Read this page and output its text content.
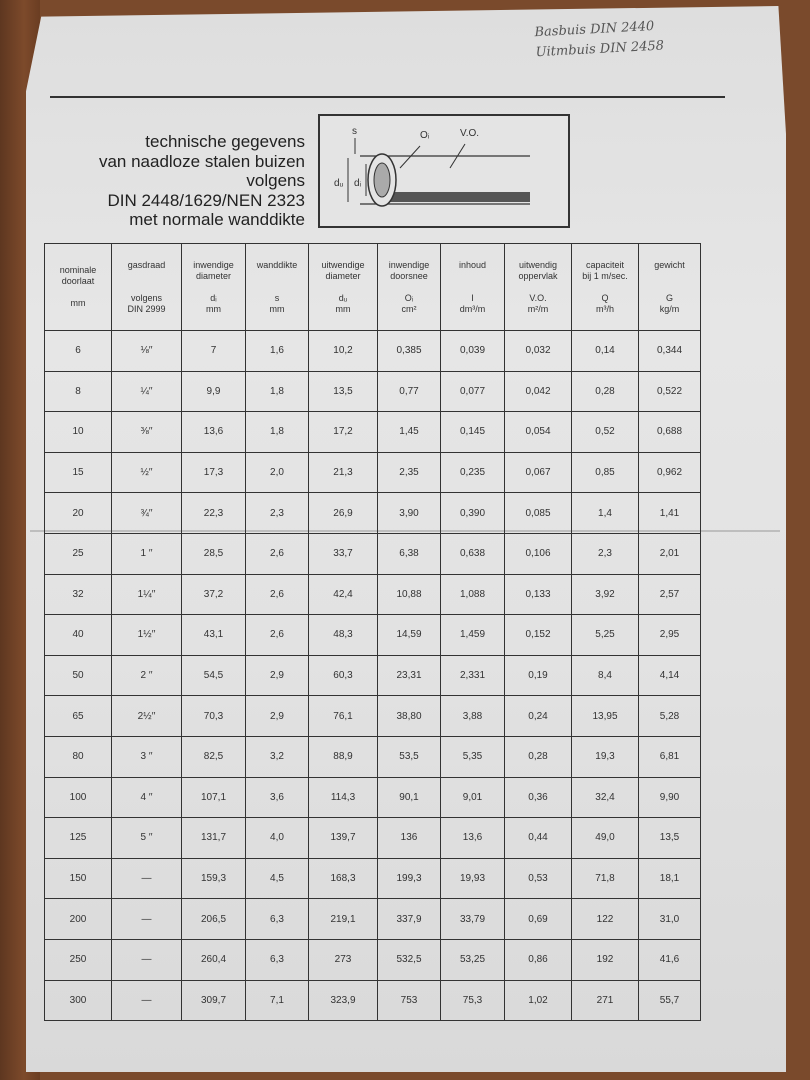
Basbuis DIN 2440
Uitmbuis DIN 2458
technische gegevens
van naadloze stalen buizen
volgens
DIN 2448/1629/NEN 2323
met normale wanddikte
s	Oᵢ	V.O.
dᵤ dᵢ
nominale
doorlaat
mm	gasdraad
volgens
DIN 2999	inwendige
diameter
dᵢ
mm	wanddikte
s
mm	uitwendige
diameter
dᵤ
mm	inwendige
doorsnee
Oᵢ
cm²	inhoud
I
dm³/m	uitwendig
oppervlak
V.O.
m²/m	capaciteit
bij 1 m/sec.
Q
m³/h	gewicht
G
kg/m

6	⅛′′	7	1,6	10,2	0,385	0,039	0,032	0,14	0,344
8	¼′′	9,9	1,8	13,5	0,77	0,077	0,042	0,28	0,522
10	⅜′′	13,6	1,8	17,2	1,45	0,145	0,054	0,52	0,688
15	½′′	17,3	2,0	21,3	2,35	0,235	0,067	0,85	0,962
20	¾′′	22,3	2,3	26,9	3,90	0,390	0,085	1,4	1,41
25	1 ′′	28,5	2,6	33,7	6,38	0,638	0,106	2,3	2,01
32	1¼′′	37,2	2,6	42,4	10,88	1,088	0,133	3,92	2,57
40	1½′′	43,1	2,6	48,3	14,59	1,459	0,152	5,25	2,95
50	2 ′′	54,5	2,9	60,3	23,31	2,331	0,19	8,4	4,14
65	2½′′	70,3	2,9	76,1	38,80	3,88	0,24	13,95	5,28
80	3 ′′	82,5	3,2	88,9	53,5	5,35	0,28	19,3	6,81
100	4 ′′	107,1	3,6	114,3	90,1	9,01	0,36	32,4	9,90
125	5 ′′	131,7	4,0	139,7	136	13,6	0,44	49,0	13,5
150	—	159,3	4,5	168,3	199,3	19,93	0,53	71,8	18,1
200	—	206,5	6,3	219,1	337,9	33,79	0,69	122	31,0
250	—	260,4	6,3	273	532,5	53,25	0,86	192	41,6
300	—	309,7	7,1	323,9	753	75,3	1,02	271	55,7
